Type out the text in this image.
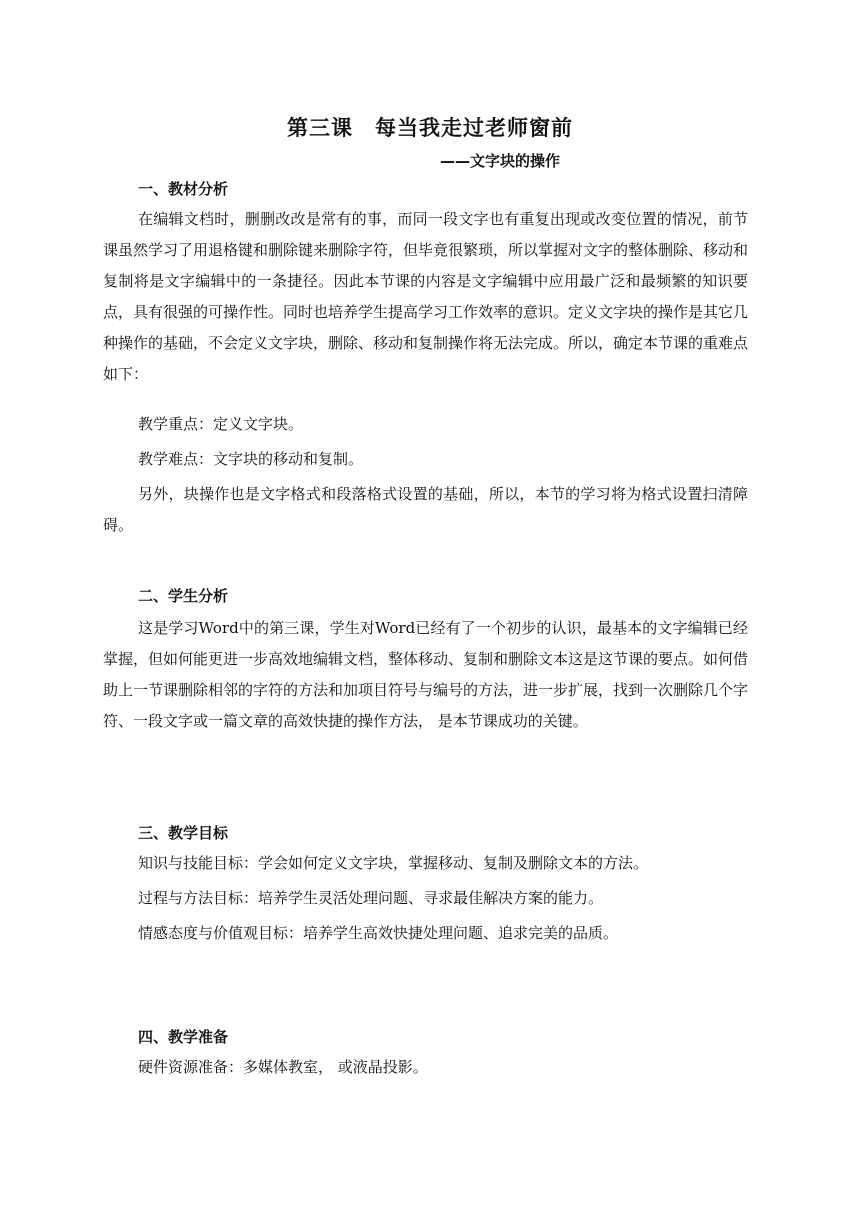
第三课　每当我走过老师窗前
——文字块的操作
一、教材分析

在编辑文档时，删删改改是常有的事，而同一段文字也有重复出现或改变位置的情况，前节课虽然学习了用退格键和删除键来删除字符，但毕竟很繁琐，所以掌握对文字的整体删除、移动和复制将是文字编辑中的一条捷径。因此本节课的内容是文字编辑中应用最广泛和最频繁的知识要点，具有很强的可操作性。同时也培养学生提高学习工作效率的意识。定义文字块的操作是其它几种操作的基础，不会定义文字块，删除、移动和复制操作将无法完成。所以，确定本节课的重难点如下：

教学重点：定义文字块。

教学难点：文字块的移动和复制。

另外，块操作也是文字格式和段落格式设置的基础，所以，本节的学习将为格式设置扫清障碍。

二、学生分析

这是学习Word中的第三课，学生对Word已经有了一个初步的认识，最基本的文字编辑已经掌握，但如何能更进一步高效地编辑文档，整体移动、复制和删除文本这是这节课的要点。如何借助上一节课删除相邻的字符的方法和加项目符号与编号的方法，进一步扩展，找到一次删除几个字符、一段文字或一篇文章的高效快捷的操作方法， 是本节课成功的关键。

三、教学目标

知识与技能目标：学会如何定义文字块，掌握移动、复制及删除文本的方法。

过程与方法目标：培养学生灵活处理问题、寻求最佳解决方案的能力。

情感态度与价值观目标：培养学生高效快捷处理问题、追求完美的品质。

四、教学准备

硬件资源准备：多媒体教室， 或液晶投影。
